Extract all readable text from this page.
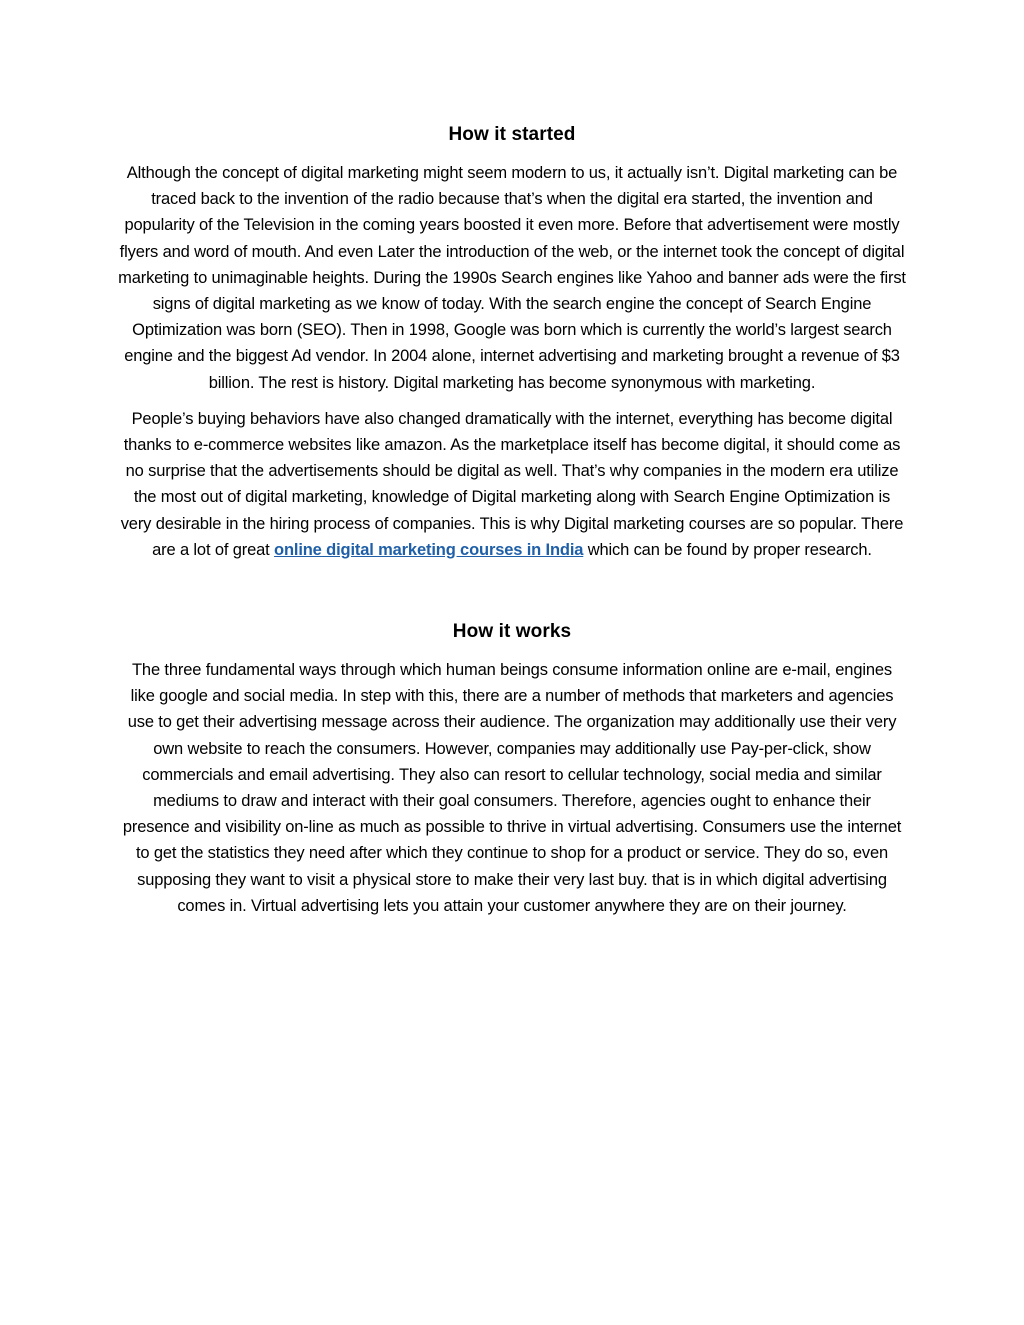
How it started

Although the concept of digital marketing might seem modern to us, it actually isn’t. Digital marketing can be traced back to the invention of the radio because that’s when the digital era started, the invention and popularity of the Television in the coming years boosted it even more. Before that advertisement were mostly flyers and word of mouth. And even Later the introduction of the web, or the internet took the concept of digital marketing to unimaginable heights. During the 1990s Search engines like Yahoo and banner ads were the first signs of digital marketing as we know of today. With the search engine the concept of Search Engine Optimization was born (SEO). Then in 1998, Google was born which is currently the world’s largest search engine and the biggest Ad vendor. In 2004 alone, internet advertising and marketing brought a revenue of $3 billion. The rest is history. Digital marketing has become synonymous with marketing.

People’s buying behaviors have also changed dramatically with the internet, everything has become digital thanks to e-commerce websites like amazon. As the marketplace itself has become digital, it should come as no surprise that the advertisements should be digital as well. That’s why companies in the modern era utilize the most out of digital marketing, knowledge of Digital marketing along with Search Engine Optimization is very desirable in the hiring process of companies. This is why Digital marketing courses are so popular. There are a lot of great online digital marketing courses in India which can be found by proper research.

How it works

The three fundamental ways through which human beings consume information online are e-mail, engines like google and social media. In step with this, there are a number of methods that marketers and agencies use to get their advertising message across their audience. The organization may additionally use their very own website to reach the consumers. However, companies may additionally use Pay-per-click, show commercials and email advertising. They also can resort to cellular technology, social media and similar mediums to draw and interact with their goal consumers. Therefore, agencies ought to enhance their presence and visibility on-line as much as possible to thrive in virtual advertising. Consumers use the internet to get the statistics they need after which they continue to shop for a product or service. They do so, even supposing they want to visit a physical store to make their very last buy. that is in which digital advertising comes in. Virtual advertising lets you attain your customer anywhere they are on their journey.
